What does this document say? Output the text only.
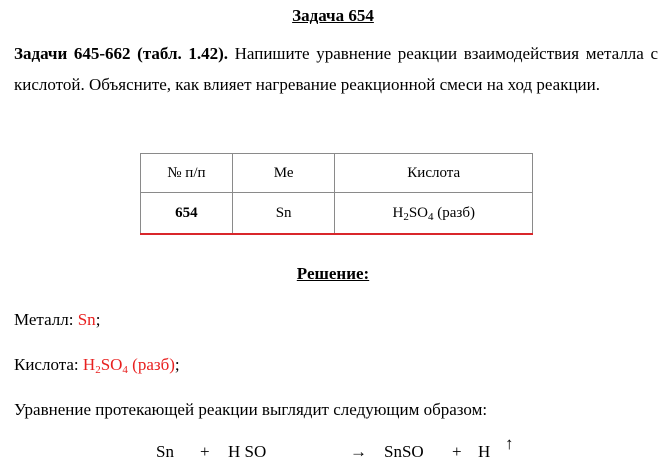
Задача 654
Задачи 645-662 (табл. 1.42). Напишите уравнение реакции взаимодействия металла с кислотой. Объясните, как влияет нагревание реакционной смеси на ход реакции.
№ п/п	Ме	Кислота
654	Sn	$H_2SO_4$ (разб)
Решение:
Металл: Sn;
Кислота: $H_2SO_4$ (разб);
Уравнение протекающей реакции выглядит следующим образом:
Sn + H SO	→ SnSO + H ↑
